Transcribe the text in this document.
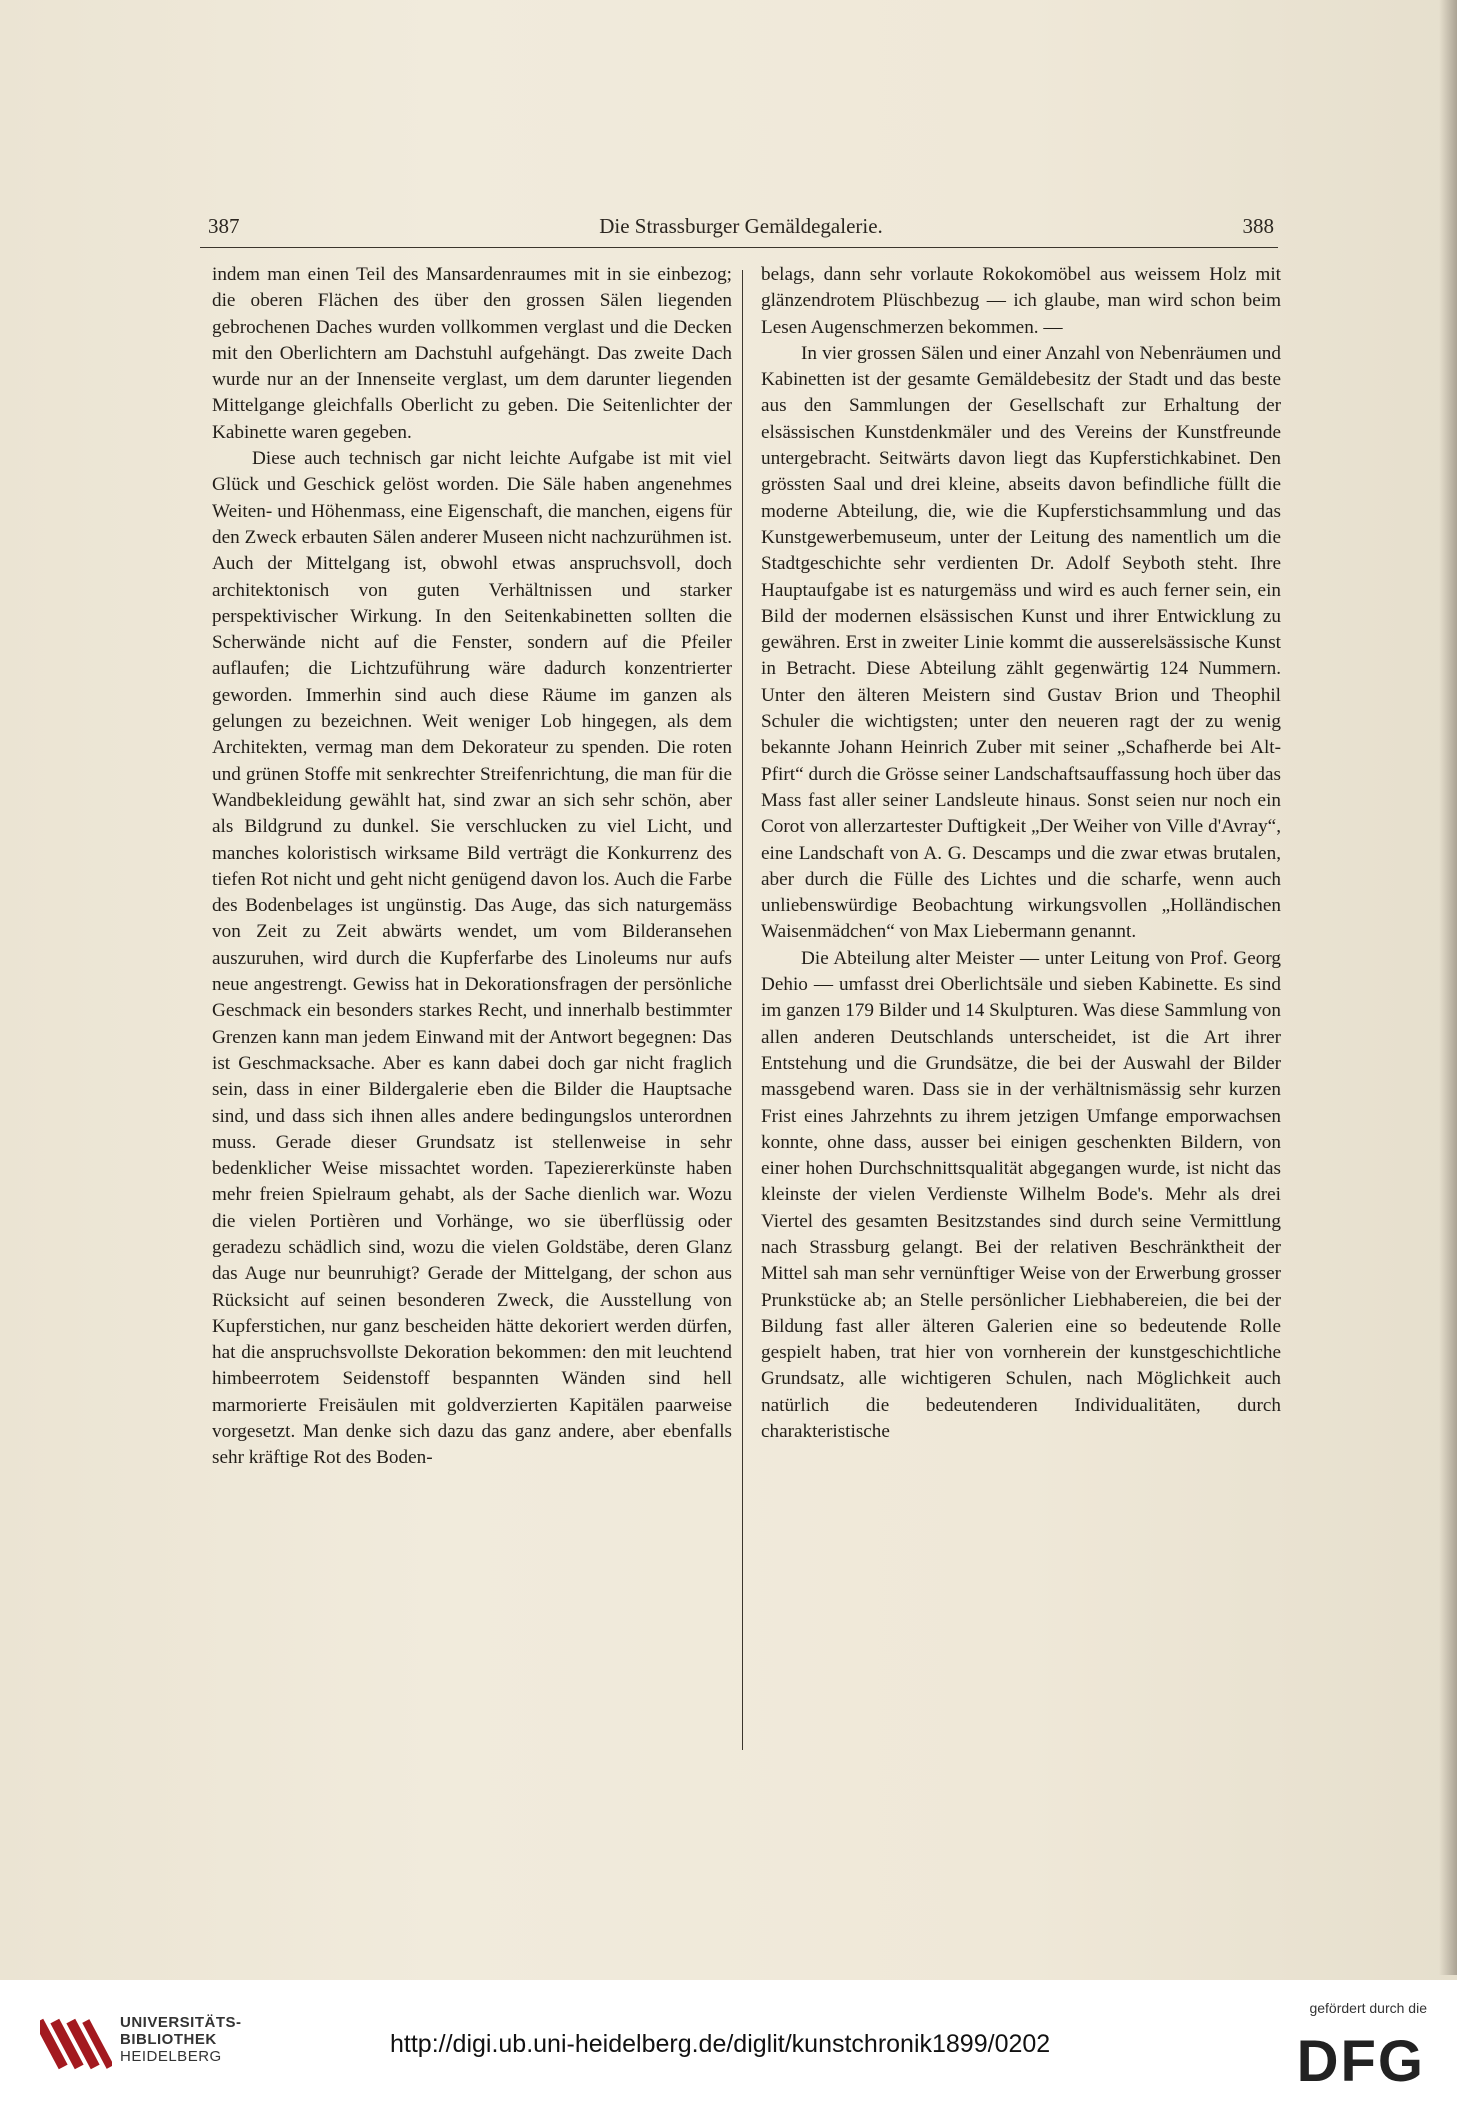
387	Die Strassburger Gemäldegalerie.	388

indem man einen Teil des Mansardenraumes mit in sie einbezog; die oberen Flächen des über den grossen Sälen liegenden gebrochenen Daches wurden vollkommen verglast und die Decken mit den Oberlichtern am Dachstuhl aufgehängt. Das zweite Dach wurde nur an der Innenseite verglast, um dem darunter liegenden Mittelgange gleichfalls Oberlicht zu geben. Die Seitenlichter der Kabinette waren gegeben.

Diese auch technisch gar nicht leichte Aufgabe ist mit viel Glück und Geschick gelöst worden. Die Säle haben angenehmes Weiten- und Höhenmass, eine Eigenschaft, die manchen, eigens für den Zweck erbauten Sälen anderer Museen nicht nachzurühmen ist. Auch der Mittelgang ist, obwohl etwas anspruchsvoll, doch architektonisch von guten Verhältnissen und starker perspektivischer Wirkung. In den Seitenkabinetten sollten die Scherwände nicht auf die Fenster, sondern auf die Pfeiler auflaufen; die Lichtzuführung wäre dadurch konzentrierter geworden. Immerhin sind auch diese Räume im ganzen als gelungen zu bezeichnen. Weit weniger Lob hingegen, als dem Architekten, vermag man dem Dekorateur zu spenden. Die roten und grünen Stoffe mit senkrechter Streifenrichtung, die man für die Wandbekleidung gewählt hat, sind zwar an sich sehr schön, aber als Bildgrund zu dunkel. Sie verschlucken zu viel Licht, und manches koloristisch wirksame Bild verträgt die Konkurrenz des tiefen Rot nicht und geht nicht genügend davon los. Auch die Farbe des Bodenbelages ist ungünstig. Das Auge, das sich naturgemäss von Zeit zu Zeit abwärts wendet, um vom Bilderansehen auszuruhen, wird durch die Kupferfarbe des Linoleums nur aufs neue angestrengt. Gewiss hat in Dekorationsfragen der persönliche Geschmack ein besonders starkes Recht, und innerhalb bestimmter Grenzen kann man jedem Einwand mit der Antwort begegnen: Das ist Geschmacksache. Aber es kann dabei doch gar nicht fraglich sein, dass in einer Bildergalerie eben die Bilder die Hauptsache sind, und dass sich ihnen alles andere bedingungslos unterordnen muss. Gerade dieser Grundsatz ist stellenweise in sehr bedenklicher Weise missachtet worden. Tapeziererkünste haben mehr freien Spielraum gehabt, als der Sache dienlich war. Wozu die vielen Portièren und Vorhänge, wo sie überflüssig oder geradezu schädlich sind, wozu die vielen Goldstäbe, deren Glanz das Auge nur beunruhigt? Gerade der Mittelgang, der schon aus Rücksicht auf seinen besonderen Zweck, die Ausstellung von Kupferstichen, nur ganz bescheiden hätte dekoriert werden dürfen, hat die anspruchsvollste Dekoration bekommen: den mit leuchtend himbeerrotem Seidenstoff bespannten Wänden sind hell marmorierte Freisäulen mit goldverzierten Kapitälen paarweise vorgesetzt. Man denke sich dazu das ganz andere, aber ebenfalls sehr kräftige Rot des Boden-

belags, dann sehr vorlaute Rokokomöbel aus weissem Holz mit glänzendrotem Plüschbezug — ich glaube, man wird schon beim Lesen Augenschmerzen bekommen. —

In vier grossen Sälen und einer Anzahl von Nebenräumen und Kabinetten ist der gesamte Gemäldebesitz der Stadt und das beste aus den Sammlungen der Gesellschaft zur Erhaltung der elsässischen Kunstdenkmäler und des Vereins der Kunstfreunde untergebracht. Seitwärts davon liegt das Kupferstichkabinet. Den grössten Saal und drei kleine, abseits davon befindliche füllt die moderne Abteilung, die, wie die Kupferstichsammlung und das Kunstgewerbemuseum, unter der Leitung des namentlich um die Stadtgeschichte sehr verdienten Dr. Adolf Seyboth steht. Ihre Hauptaufgabe ist es naturgemäss und wird es auch ferner sein, ein Bild der modernen elsässischen Kunst und ihrer Entwicklung zu gewähren. Erst in zweiter Linie kommt die ausserelsässische Kunst in Betracht. Diese Abteilung zählt gegenwärtig 124 Nummern. Unter den älteren Meistern sind Gustav Brion und Theophil Schuler die wichtigsten; unter den neueren ragt der zu wenig bekannte Johann Heinrich Zuber mit seiner „Schafherde bei Alt-Pfirt“ durch die Grösse seiner Landschaftsauffassung hoch über das Mass fast aller seiner Landsleute hinaus. Sonst seien nur noch ein Corot von allerzartester Duftigkeit „Der Weiher von Ville d'Avray“, eine Landschaft von A. G. Descamps und die zwar etwas brutalen, aber durch die Fülle des Lichtes und die scharfe, wenn auch unliebenswürdige Beobachtung wirkungsvollen „Holländischen Waisenmädchen“ von Max Liebermann genannt.

Die Abteilung alter Meister — unter Leitung von Prof. Georg Dehio — umfasst drei Oberlichtsäle und sieben Kabinette. Es sind im ganzen 179 Bilder und 14 Skulpturen. Was diese Sammlung von allen anderen Deutschlands unterscheidet, ist die Art ihrer Entstehung und die Grundsätze, die bei der Auswahl der Bilder massgebend waren. Dass sie in der verhältnismässig sehr kurzen Frist eines Jahrzehnts zu ihrem jetzigen Umfange emporwachsen konnte, ohne dass, ausser bei einigen geschenkten Bildern, von einer hohen Durchschnittsqualität abgegangen wurde, ist nicht das kleinste der vielen Verdienste Wilhelm Bode's. Mehr als drei Viertel des gesamten Besitzstandes sind durch seine Vermittlung nach Strassburg gelangt. Bei der relativen Beschränktheit der Mittel sah man sehr vernünftiger Weise von der Erwerbung grosser Prunkstücke ab; an Stelle persönlicher Liebhabereien, die bei der Bildung fast aller älteren Galerien eine so bedeutende Rolle gespielt haben, trat hier von vornherein der kunstgeschichtliche Grundsatz, alle wichtigeren Schulen, nach Möglichkeit auch natürlich die bedeutenderen Individualitäten, durch charakteristische

UNIVERSITÄTS-
BIBLIOTHEK
HEIDELBERG	http://digi.ub.uni-heidelberg.de/diglit/kunstchronik1899/0202
gefördert durch die
DFG
